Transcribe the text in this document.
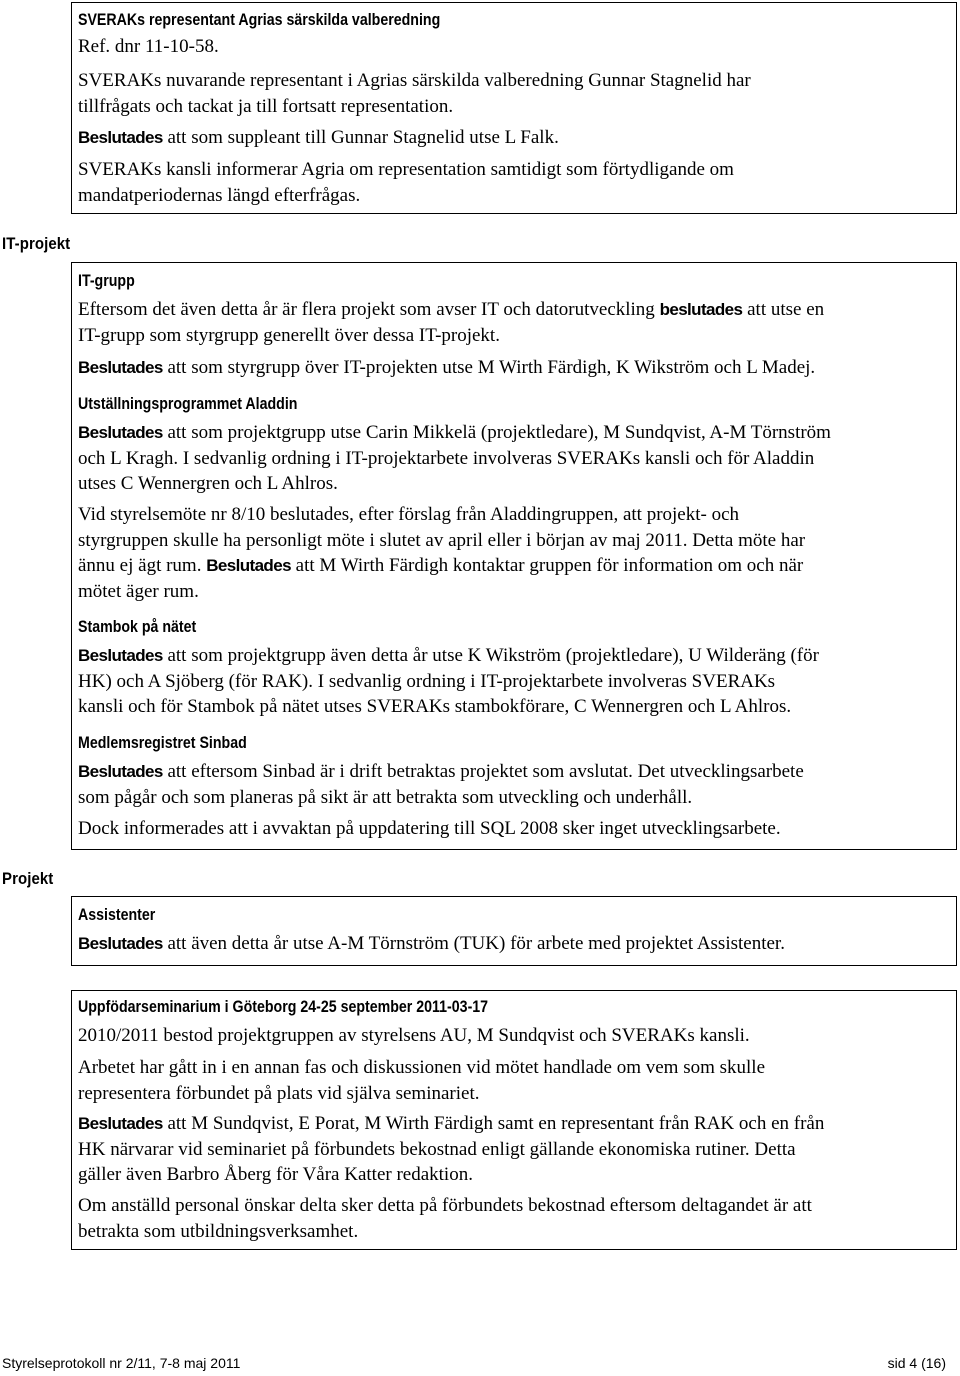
IT-projekt
Projekt
SVERAKs representant Agrias särskilda valberedning
Ref. dnr 11-10-58.
SVERAKs nuvarande representant i Agrias särskilda valberedning Gunnar Stagnelid har
tillfrågats och tackat ja till fortsatt representation.
Beslutades att som suppleant till Gunnar Stagnelid utse L Falk.
SVERAKs kansli informerar Agria om representation samtidigt som förtydligande om
mandatperiodernas längd efterfrågas.
IT-grupp
Eftersom det även detta år är flera projekt som avser IT och datorutveckling beslutades att utse en
IT-grupp som styrgrupp generellt över dessa IT-projekt.
Beslutades att som styrgrupp över IT-projekten utse M Wirth Färdigh, K Wikström och L Madej.
Utställningsprogrammet Aladdin
Beslutades att som projektgrupp utse Carin Mikkelä (projektledare), M Sundqvist, A-M Törnström
och L Kragh. I sedvanlig ordning i IT-projektarbete involveras SVERAKs kansli och för Aladdin
utses C Wennergren och L Ahlros.
Vid styrelsemöte nr 8/10 beslutades, efter förslag från Aladdingruppen, att projekt- och
styrgruppen skulle ha personligt möte i slutet av april eller i början av maj 2011. Detta möte har
ännu ej ägt rum. Beslutades att M Wirth Färdigh kontaktar gruppen för information om och när
mötet äger rum.
Stambok på nätet
Beslutades att som projektgrupp även detta år utse K Wikström (projektledare), U Wilderäng (för
HK) och A Sjöberg (för RAK). I sedvanlig ordning i IT-projektarbete involveras SVERAKs
kansli och för Stambok på nätet utses SVERAKs stambokförare, C Wennergren och L Ahlros.
Medlemsregistret Sinbad
Beslutades att eftersom Sinbad är i drift betraktas projektet som avslutat. Det utvecklingsarbete
som pågår och som planeras på sikt är att betrakta som utveckling och underhåll.
Dock informerades att i avvaktan på uppdatering till SQL 2008 sker inget utvecklingsarbete.
Assistenter
Beslutades att även detta år utse A-M Törnström (TUK) för arbete med projektet Assistenter.
Uppfödarseminarium i Göteborg 24-25 september 2011-03-17
2010/2011 bestod projektgruppen av styrelsens AU, M Sundqvist och SVERAKs kansli.
Arbetet har gått in i en annan fas och diskussionen vid mötet handlade om vem som skulle
representera förbundet på plats vid själva seminariet.
Beslutades att M Sundqvist, E Porat, M Wirth Färdigh samt en representant från RAK och en från
HK närvarar vid seminariet på förbundets bekostnad enligt gällande ekonomiska rutiner. Detta
gäller även Barbro Åberg för Våra Katter redaktion.
Om anställd personal önskar delta sker detta på förbundets bekostnad eftersom deltagandet är att
betrakta som utbildningsverksamhet.
Styrelseprotokoll nr 2/11, 7-8 maj 2011	sid 4 (16)
